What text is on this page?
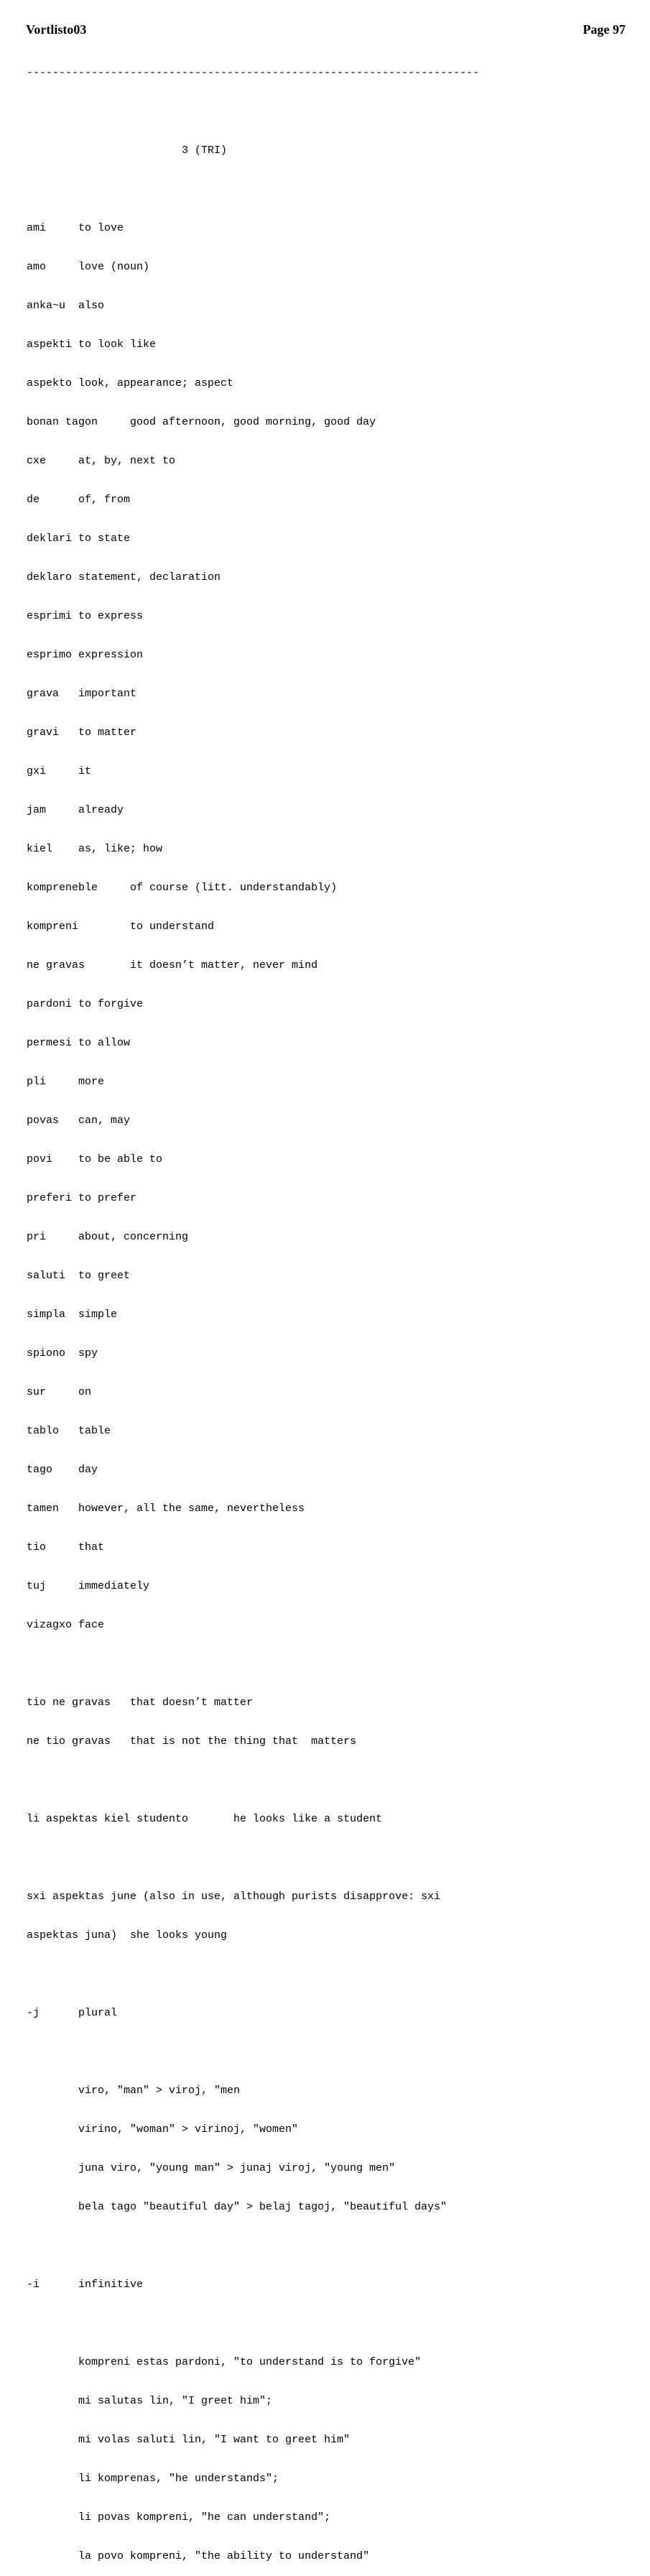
Vortlisto03	Page 97

----------------------------------------------------------------------

3 (TRI)

ami     to love

amo     love (noun)

anka~u  also

aspekti to look like

aspekto look, appearance; aspect

bonan tagon     good afternoon, good morning, good day

cxe     at, by, next to

de      of, from

deklari to state

deklaro statement, declaration

esprimi to express

esprimo expression

grava   important

gravi   to matter

gxi     it

jam     already

kiel    as, like; how

kompreneble     of course (litt. understandably)

kompreni        to understand

ne gravas       it doesn’t matter, never mind

pardoni to forgive

permesi to allow

pli     more

povas   can, may

povi    to be able to

preferi to prefer

pri     about, concerning

saluti  to greet

simpla  simple

spiono  spy

sur     on

tablo   table

tago    day

tamen   however, all the same, nevertheless

tio     that

tuj     immediately

vizagxo face

tio ne gravas   that doesn’t matter

ne tio gravas   that is not the thing that  matters

li aspektas kiel studento       he looks like a student

sxi aspektas june (also in use, although purists disapprove: sxi

aspektas juna)  she looks young

-j      plural

viro, "man" > viroj, "men

virino, "woman" > virinoj, "women"

juna viro, "young man" > junaj viroj, "young men"

bela tago "beautiful day" > belaj tagoj, "beautiful days"

-i      infinitive

kompreni estas pardoni, "to understand is to forgive"

mi salutas lin, "I greet him";

mi volas saluti lin, "I want to greet him"

li komprenas, "he understands";

li povas kompreni, "he can understand";

la povo kompreni, "the ability to understand"
